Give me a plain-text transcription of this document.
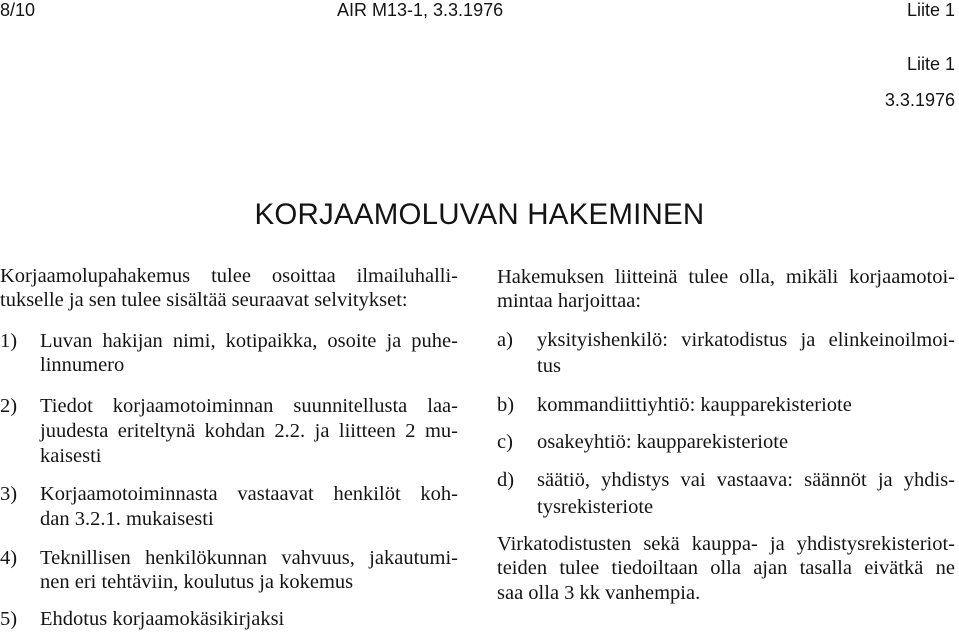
8/10	AIR M13-1, 3.3.1976	Liite 1
Liite 1
3.3.1976
KORJAAMOLUVAN HAKEMINEN
Korjaamolupahakemus tulee osoittaa ilmailuhalli-
tukselle ja sen tulee sisältää seuraavat selvitykset:
1) Luvan hakijan nimi, kotipaikka, osoite ja puhe-
linnumero
2) Tiedot korjaamotoiminnan suunnitellusta laa-
juudesta eriteltynä kohdan 2.2. ja liitteen 2 mu-
kaisesti
3) Korjaamotoiminnasta vastaavat henkilöt koh-
dan 3.2.1. mukaisesti
4) Teknillisen henkilökunnan vahvuus, jakautumi-
nen eri tehtäviin, koulutus ja kokemus
5) Ehdotus korjaamokäsikirjaksi
Hakemuksen liitteinä tulee olla, mikäli korjaamotoi-
mintaa harjoittaa:
a) yksityishenkilö: virkatodistus ja elinkeinoilmoi-
tus
b) kommandiittiyhtiö: kaupparekisteriote
c) osakeyhtiö: kaupparekisteriote
d) säätiö, yhdistys vai vastaava: säännöt ja yhdis-
tysrekisteriote
Virkatodistusten sekä kauppa- ja yhdistysrekisteriot-
teiden tulee tiedoiltaan olla ajan tasalla eivätkä ne
saa olla 3 kk vanhempia.
